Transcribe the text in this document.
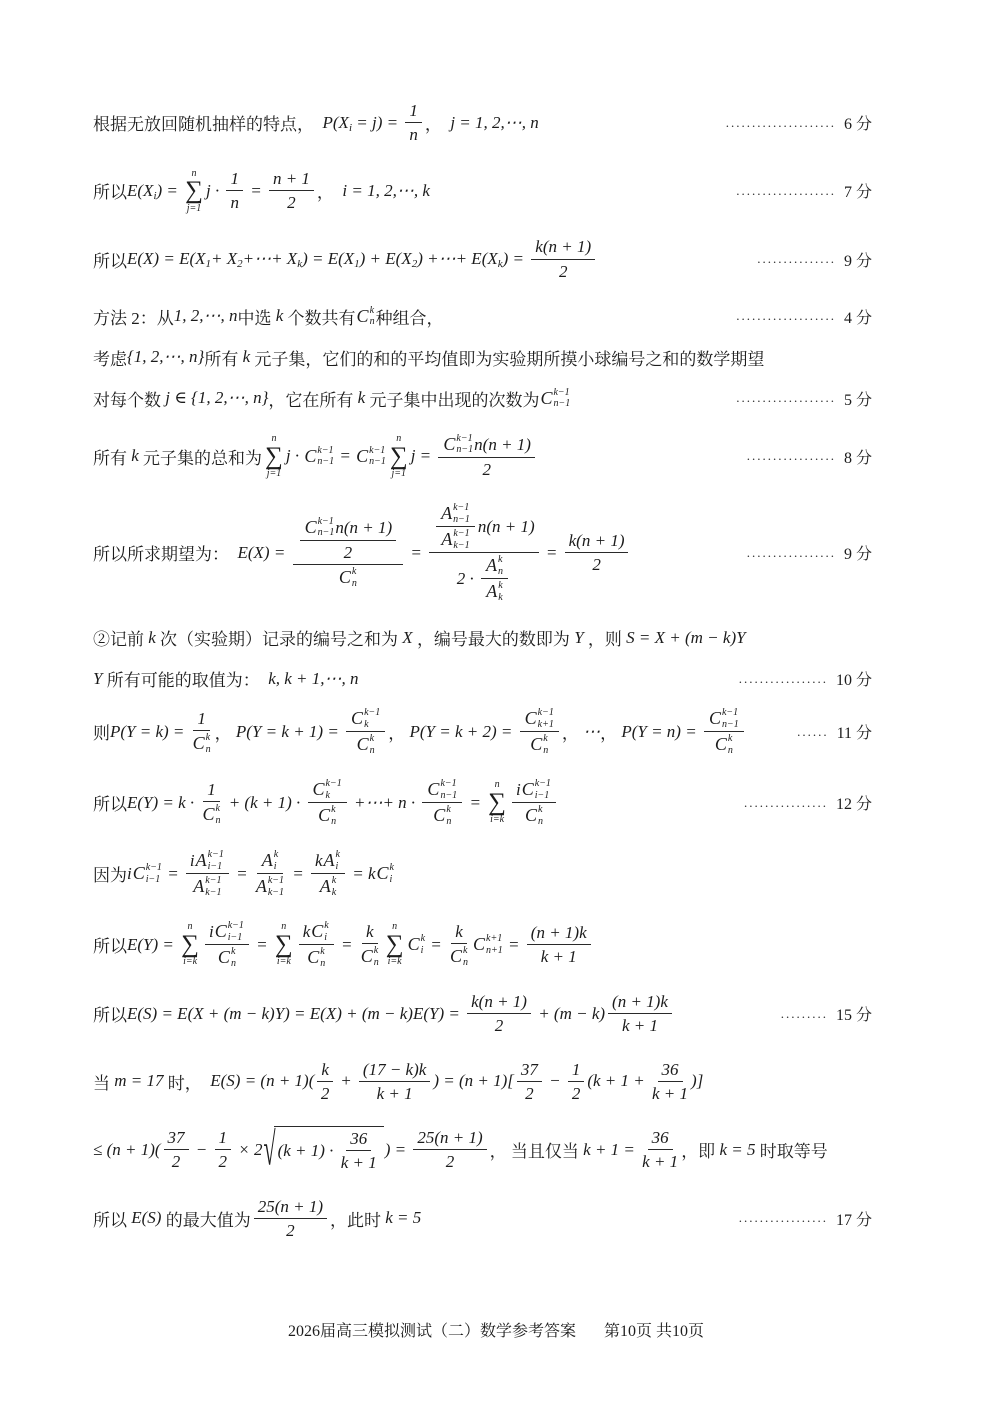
根据无放回随机抽样的特点， P(X $i = j) = \frac{1}{n}$ ， j = 1, 2,⋯, n	..................... 6 分
所以 E(X i ) =
n
∑
j=1
$j \cdot \frac{1}{n} = \frac{n + 1}{2}$ ， i = 1, 2,⋯, k	................... 7 分
所以 E(X) = E(X 1 + X 2 +⋯+ X k ) = E(X 1 ) + E(X 2 ) +⋯+ E(X k ) = $\frac{k(n + 1)}{2}$	............... 9 分
方法 2：从 1, 2,⋯, n 中选 k 个数共有 C k
n 种组合，	................... 4 分
考虑 {1, 2,⋯, n} 所有 k 元子集，它们的和的平均值即为实验期所摸小球编号之和的数学期望
对每个数 j ∈ {1, 2,⋯, n} ，它在所有 k 元子集中出现的次数为 C k−1
n−1	................... 5 分
所有 k 元子集的总和为
n
∑
j=1
j · C k−1
n−1 = C k−1
n−1
n
∑
j=1
j = C k−1
n−1 n(n + 1)
2	................. 8 分
所以所求期望为： E(X) =
C k−1
n−1 n(n + 1)
2
C k
n
=
A k−1
n−1
A k−1
k−1
n(n + 1)
2 ·
A k
n
A k
k
= $\frac{k(n + 1)}{2}$	................. 9 分
②记前 k 次（实验期）记录的编号之和为 X ，编号最大的数即为 Y ，则 S = X + (m − k)Y
Y 所有可能的取值为： k, k + 1,⋯, n	................. 10 分
则 P(Y = k) =
1
C k
n
， P(Y = k + 1) =
C k−1
k
C k
n
， P(Y = k + 2) =
C k−1
k+1
C k
n
， ⋯ ， P(Y = n) =
C k−1
n−1
C k
n
...... 11 分
所以 E(Y) = k ·
1
C k
n
+ (k + 1) ·
C k−1
k
C k
n
+⋯+ n ·
C k−1
n−1
C k
n
=
n
∑
i=k
i C k−1
i−1
C k
n
................ 12 分
因为 i C k−1
i−1 =
i A k−1
i−1
A k−1
k−1
=
A k
i
A k−1
k−1
=
k A k
i
A k
k
= k C k
i
所以 E(Y) =
n
∑
i=k
i C k−1
i−1
C k
n
=
n
∑
i=k
k C k
i
C k
n
=
k
C k
n
n
∑
i=k
C k
i =
k
C k
n
C k+1
$n+1 = \frac{(n + 1)k}{k + 1}$
所以 $E(S) = E(X + (m - k)Y) = E(X) + (m - k)E(Y) = \frac{k(n + 1)}{2} + (m - k)$
(n + 1)k
k + 1
......... 15 分
当 m = 17 时， E(S) = (n + 1)(
k
2
+ $\frac{(17 - k)k}{k + 1}$ ) = (n + 1)[
37
2
− $\frac{1}{2} (k + 1 + \frac{36}{k + 1}$ )]
≤ (n + 1)(
37
2
− $\frac{1}{2} \times 2$ √ (k + 1) ·
36
k + 1
) = $\frac{25(n + 1)}{2}$ ， 当且仅当 $k + 1 = \frac{36}{k + 1}$ ，即 k = 5 时取等号
所以 E(S) 的最大值为
25(n + 1)
2
，此时 k = 5	................. 17 分
2026届高三模拟测试（二）数学参考答案 第10页 共10页
